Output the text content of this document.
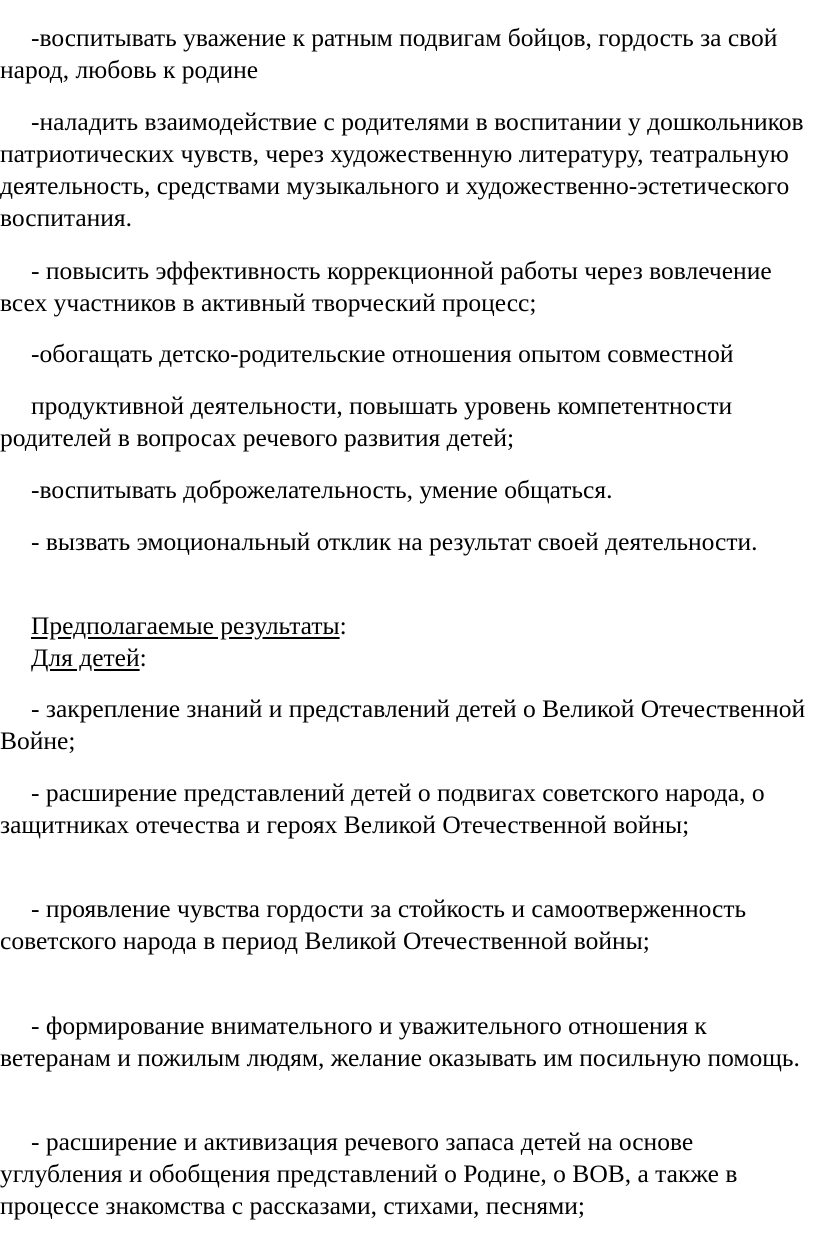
-воспитывать уважение к ратным подвигам бойцов, гордость за свой народ, любовь к родине

-наладить взаимодействие с родителями в воспитании у дошкольников патриотических чувств, через художественную литературу, театральную деятельность, средствами музыкального и художественно-эстетического воспитания.

- повысить эффективность коррекционной работы через вовлечение всех участников в активный творческий процесс;

-обогащать детско-родительские отношения опытом совместной

продуктивной деятельности, повышать уровень компетентности родителей в вопросах речевого развития детей;

-воспитывать доброжелательность, умение общаться.

- вызвать эмоциональный отклик на результат своей деятельности.

Предполагаемые результаты:

Для детей:

- закрепление знаний и представлений детей о Великой Отечественной Войне;

- расширение представлений детей о подвигах советского народа, о защитниках отечества и героях Великой Отечественной войны;

- проявление чувства гордости за стойкость и самоотверженность советского народа в период Великой Отечественной войны;

- формирование внимательного и уважительного отношения к ветеранам и пожилым людям, желание оказывать им посильную помощь.

- расширение и активизация речевого запаса детей на основе углубления и обобщения представлений о Родине, о ВОВ, а также в процессе знакомства с рассказами, стихами, песнями;
